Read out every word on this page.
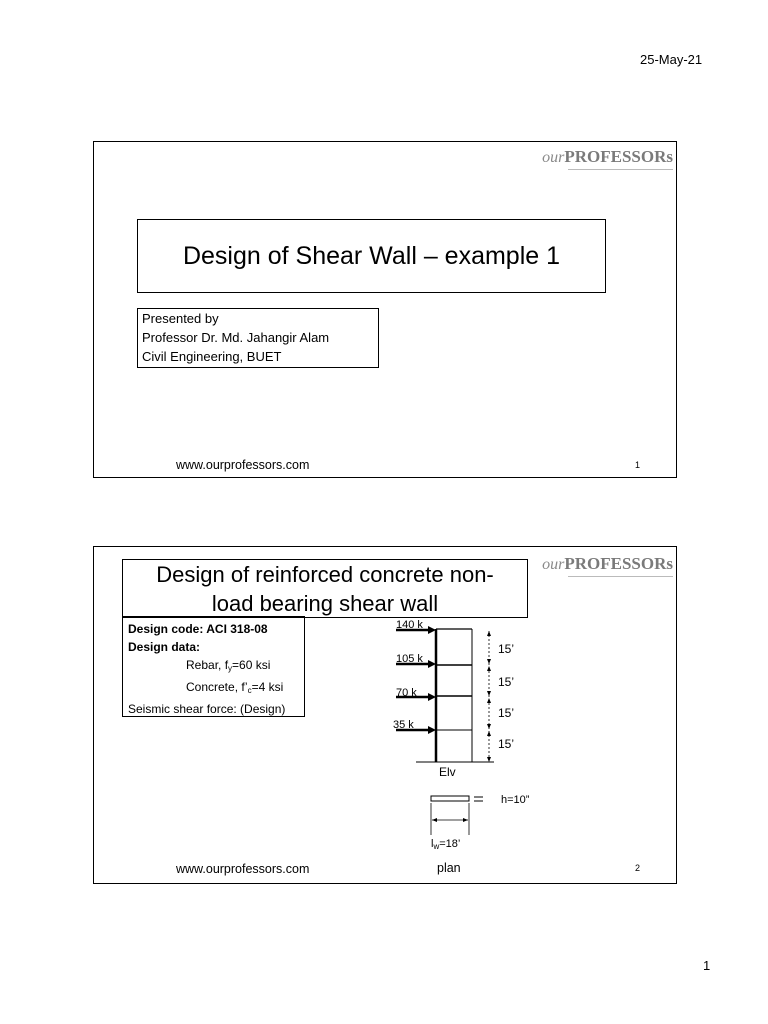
25-May-21
ourPROFESSORs
Design of Shear Wall – example 1
Presented by
Professor Dr. Md. Jahangir Alam
Civil Engineering, BUET
www.ourprofessors.com	1
ourPROFESSORs
Design of reinforced concrete non-
load bearing shear wall
Design code: ACI 318-08
Design data:
Rebar, $f_y=60$ ksi
Concrete, $f’_c=4$ ksi
Seismic shear force: (Design)
140 k
105 k
70 k
35 k
15’
15’
15’
15’
Elv
h=10”
$l_w=18$’
www.ourprofessors.com	plan	2
1
